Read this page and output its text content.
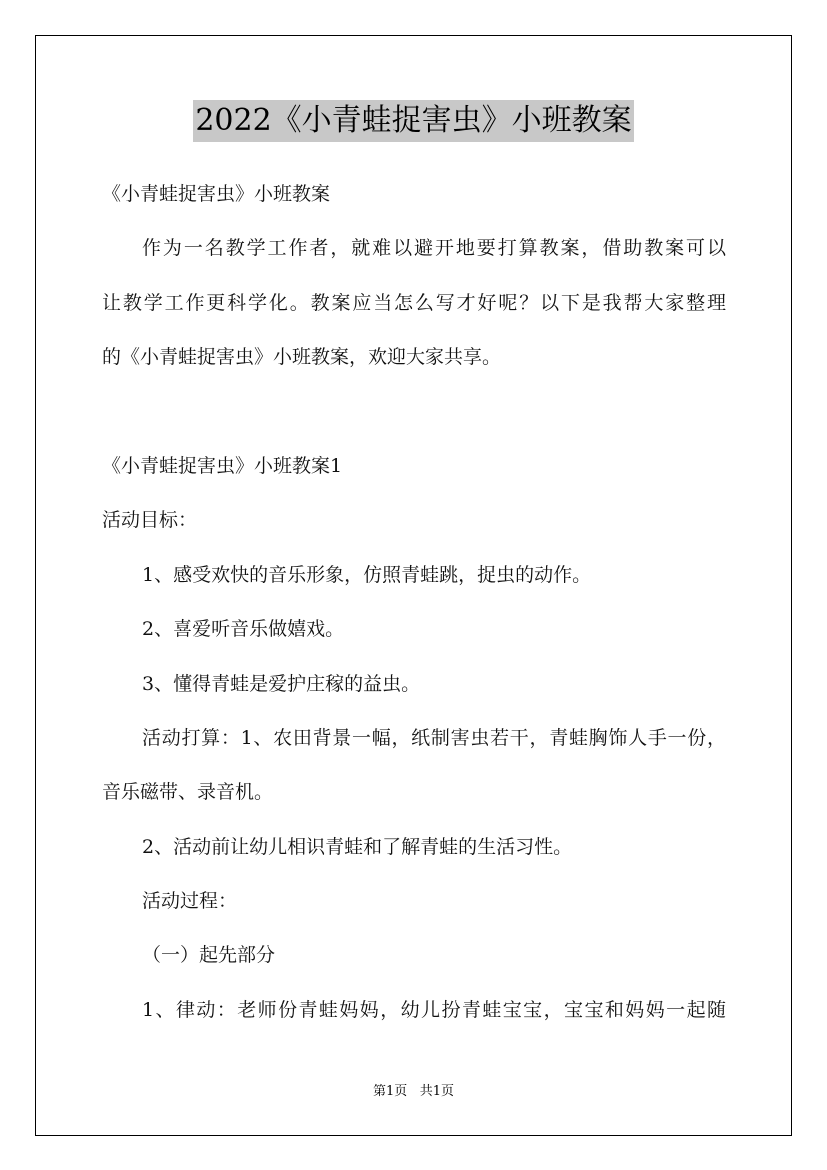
2022《小青蛙捉害虫》小班教案
《小青蛙捉害虫》小班教案
作为一名教学工作者，就难以避开地要打算教案，借助教案可以
让教学工作更科学化。教案应当怎么写才好呢？以下是我帮大家整理
的《小青蛙捉害虫》小班教案，欢迎大家共享。
《小青蛙捉害虫》小班教案1
活动目标：
1、感受欢快的音乐形象，仿照青蛙跳，捉虫的动作。
2、喜爱听音乐做嬉戏。
3、懂得青蛙是爱护庄稼的益虫。
活动打算：1、农田背景一幅，纸制害虫若干，青蛙胸饰人手一份，
音乐磁带、录音机。
2、活动前让幼儿相识青蛙和了解青蛙的生活习性。
活动过程：
（一）起先部分
1、律动：老师份青蛙妈妈，幼儿扮青蛙宝宝，宝宝和妈妈一起随
第1页 共1页
